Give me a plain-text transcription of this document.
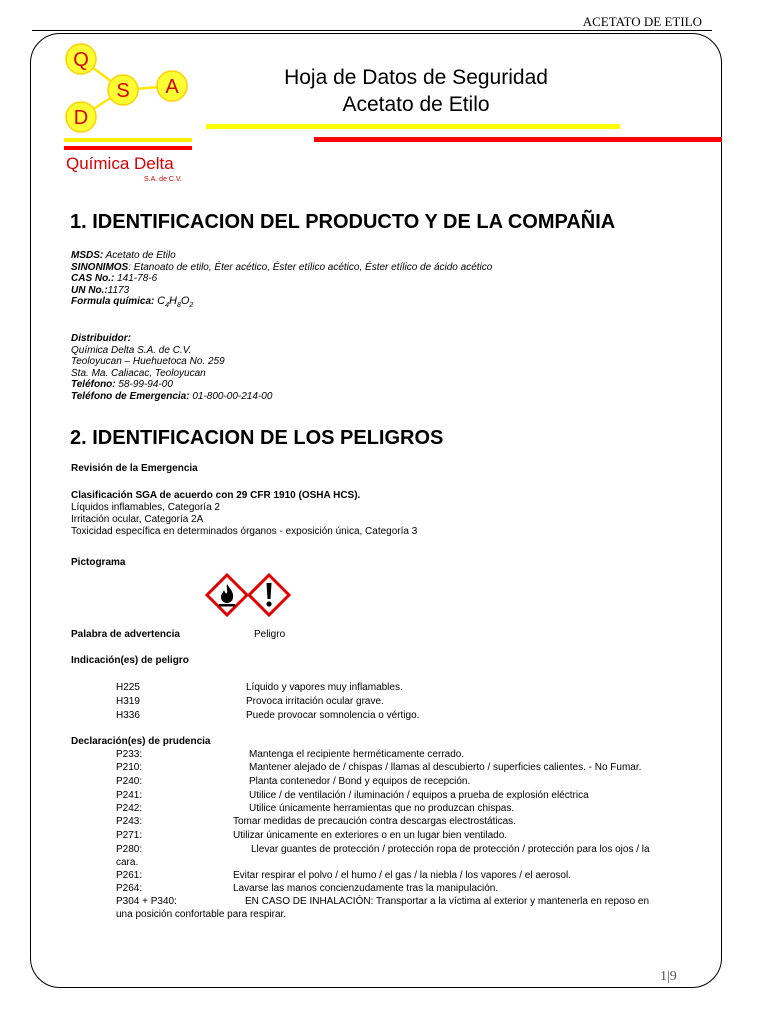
ACETATO DE ETILO
Q
S A
D
Química Delta
S.A. de C.V.
Hoja de Datos de Seguridad
Acetato de Etilo
1. IDENTIFICACION DEL PRODUCTO Y DE LA COMPAÑIA
MSDS: Acetato de Etilo
SINONIMOS: Etanoato de etilo, Éter acético, Éster etílico acético, Éster etílico de ácido acético
CAS No.: 141-78-6
UN No.:1173
Formula química: $C_4H_8O_2$
Distribuidor:
Química Delta S.A. de C.V.
Teoloyucan – Huehuetoca No. 259
Sta. Ma. Caliacac, Teoloyucan
Teléfono: 58-99-94-00
Teléfono de Emergencia: 01-800-00-214-00
2. IDENTIFICACION DE LOS PELIGROS
Revisión de la Emergencia
Clasificación SGA de acuerdo con 29 CFR 1910 (OSHA HCS).
Líquidos inflamables, Categoría 2
Irritación ocular, Categoría 2A
Toxicidad específica en determinados órganos - exposición única, Categoría 3
Pictograma
Palabra de advertencia	Peligro
Indicación(es) de peligro
H225	Líquido y vapores muy inflamables.
H319	Provoca irritación ocular grave.
H336	Puede provocar somnolencia o vértigo.
Declaración(es) de prudencia
P233:	Mantenga el recipiente herméticamente cerrado.
P210:	Mantener alejado de / chispas / llamas al descubierto / superficies calientes. - No Fumar.
P240:	Planta contenedor / Bond y equipos de recepción.
P241:	Utilice / de ventilación / iluminación / equipos a prueba de explosión eléctrica
P242:	Utilice únicamente herramientas que no produzcan chispas.
P243:	Tomar medidas de precaución contra descargas electrostáticas.
P271:	Utilizar únicamente en exteriores o en un lugar bien ventilado.
P280:	Llevar guantes de protección / protección ropa de protección / protección para los ojos / la
cara.
P261:	Evitar respirar el polvo / el humo / el gas / la niebla / los vapores / el aerosol.
P264:	Lavarse las manos concienzudamente tras la manipulación.
P304 + P340:	EN CASO DE INHALACIÓN: Transportar a la víctima al exterior y mantenerla en reposo en
una posición confortable para respirar.
1|9
